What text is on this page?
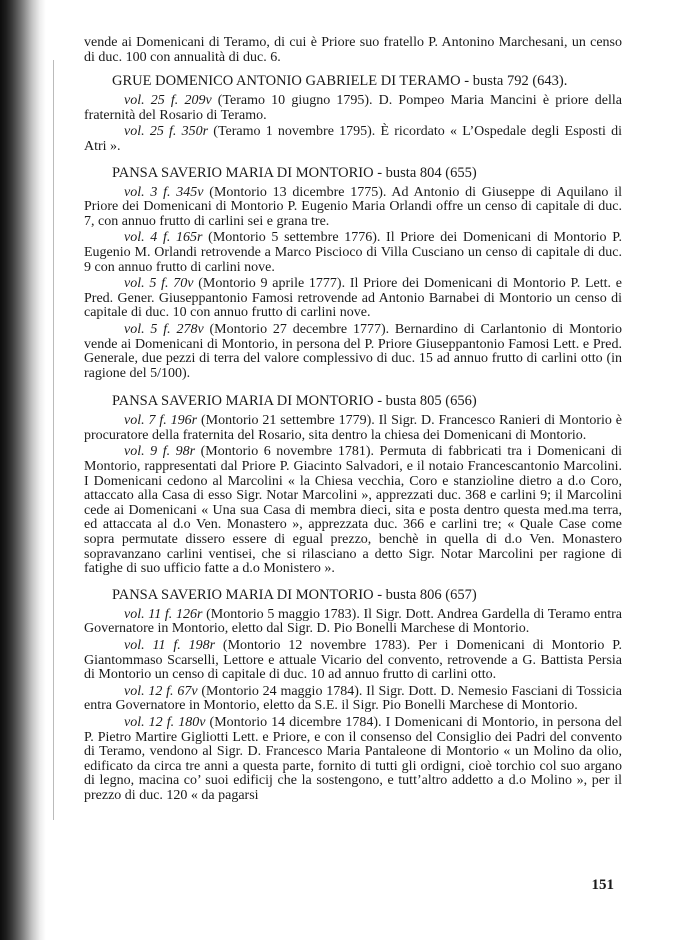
vende ai Domenicani di Teramo, di cui è Priore suo fratello P. Antonino Marchesani, un censo di duc. 100 con annualità di duc. 6.

GRUE DOMENICO ANTONIO GABRIELE DI TERAMO - busta 792 (643).

vol. 25 f. 209v (Teramo 10 giugno 1795). D. Pompeo Maria Mancini è priore della fraternità del Rosario di Teramo.

vol. 25 f. 350r (Teramo 1 novembre 1795). È ricordato « L’Ospedale degli Esposti di Atri ».

PANSA SAVERIO MARIA DI MONTORIO - busta 804 (655)

vol. 3 f. 345v (Montorio 13 dicembre 1775). Ad Antonio di Giuseppe di Aquilano il Priore dei Domenicani di Montorio P. Eugenio Maria Orlandi offre un censo di capitale di duc. 7, con annuo frutto di carlini sei e grana tre.

vol. 4 f. 165r (Montorio 5 settembre 1776). Il Priore dei Domenicani di Montorio P. Eugenio M. Orlandi retrovende a Marco Piscioco di Villa Cusciano un censo di capitale di duc. 9 con annuo frutto di carlini nove.

vol. 5 f. 70v (Montorio 9 aprile 1777). Il Priore dei Domenicani di Montorio P. Lett. e Pred. Gener. Giuseppantonio Famosi retrovende ad Antonio Barnabei di Montorio un censo di capitale di duc. 10 con annuo frutto di carlini nove.

vol. 5 f. 278v (Montorio 27 decembre 1777). Bernardino di Carlantonio di Montorio vende ai Domenicani di Montorio, in persona del P. Priore Giuseppantonio Famosi Lett. e Pred. Generale, due pezzi di terra del valore complessivo di duc. 15 ad annuo frutto di carlini otto (in ragione del 5/100).

PANSA SAVERIO MARIA DI MONTORIO - busta 805 (656)

vol. 7 f. 196r (Montorio 21 settembre 1779). Il Sigr. D. Francesco Ranieri di Montorio è procuratore della fraternita del Rosario, sita dentro la chiesa dei Domenicani di Montorio.

vol. 9 f. 98r (Montorio 6 novembre 1781). Permuta di fabbricati tra i Domenicani di Montorio, rappresentati dal Priore P. Giacinto Salvadori, e il notaio Francescantonio Marcolini. I Domenicani cedono al Marcolini « la Chiesa vecchia, Coro e stanzioline dietro a d.o Coro, attaccato alla Casa di esso Sigr. Notar Marcolini », apprezzati duc. 368 e carlini 9; il Marcolini cede ai Domenicani « Una sua Casa di membra dieci, sita e posta dentro questa med.ma terra, ed attaccata al d.o Ven. Monastero », apprezzata duc. 366 e carlini tre; « Quale Case come sopra permutate dissero essere di egual prezzo, benchè in quella di d.o Ven. Monastero sopravanzano carlini ventisei, che si rilasciano a detto Sigr. Notar Marcolini per ragione di fatighe di suo ufficio fatte a d.o Monistero ».

PANSA SAVERIO MARIA DI MONTORIO - busta 806 (657)

vol. 11 f. 126r (Montorio 5 maggio 1783). Il Sigr. Dott. Andrea Gardella di Teramo entra Governatore in Montorio, eletto dal Sigr. D. Pio Bonelli Marchese di Montorio.

vol. 11 f. 198r (Montorio 12 novembre 1783). Per i Domenicani di Montorio P. Giantommaso Scarselli, Lettore e attuale Vicario del convento, retrovende a G. Battista Persia di Montorio un censo di capitale di duc. 10 ad annuo frutto di carlini otto.

vol. 12 f. 67v (Montorio 24 maggio 1784). Il Sigr. Dott. D. Nemesio Fasciani di Tossicia entra Governatore in Montorio, eletto da S.E. il Sigr. Pio Bonelli Marchese di Montorio.

vol. 12 f. 180v (Montorio 14 dicembre 1784). I Domenicani di Montorio, in persona del P. Pietro Martire Gigliotti Lett. e Priore, e con il consenso del Consiglio dei Padri del convento di Teramo, vendono al Sigr. D. Francesco Maria Pantaleone di Montorio « un Molino da olio, edificato da circa tre anni a questa parte, fornito di tutti gli ordigni, cioè torchio col suo argano di legno, macina co’ suoi edificij che la sostengono, e tutt’altro addetto a d.o Molino », per il prezzo di duc. 120 « da pagarsi

151
